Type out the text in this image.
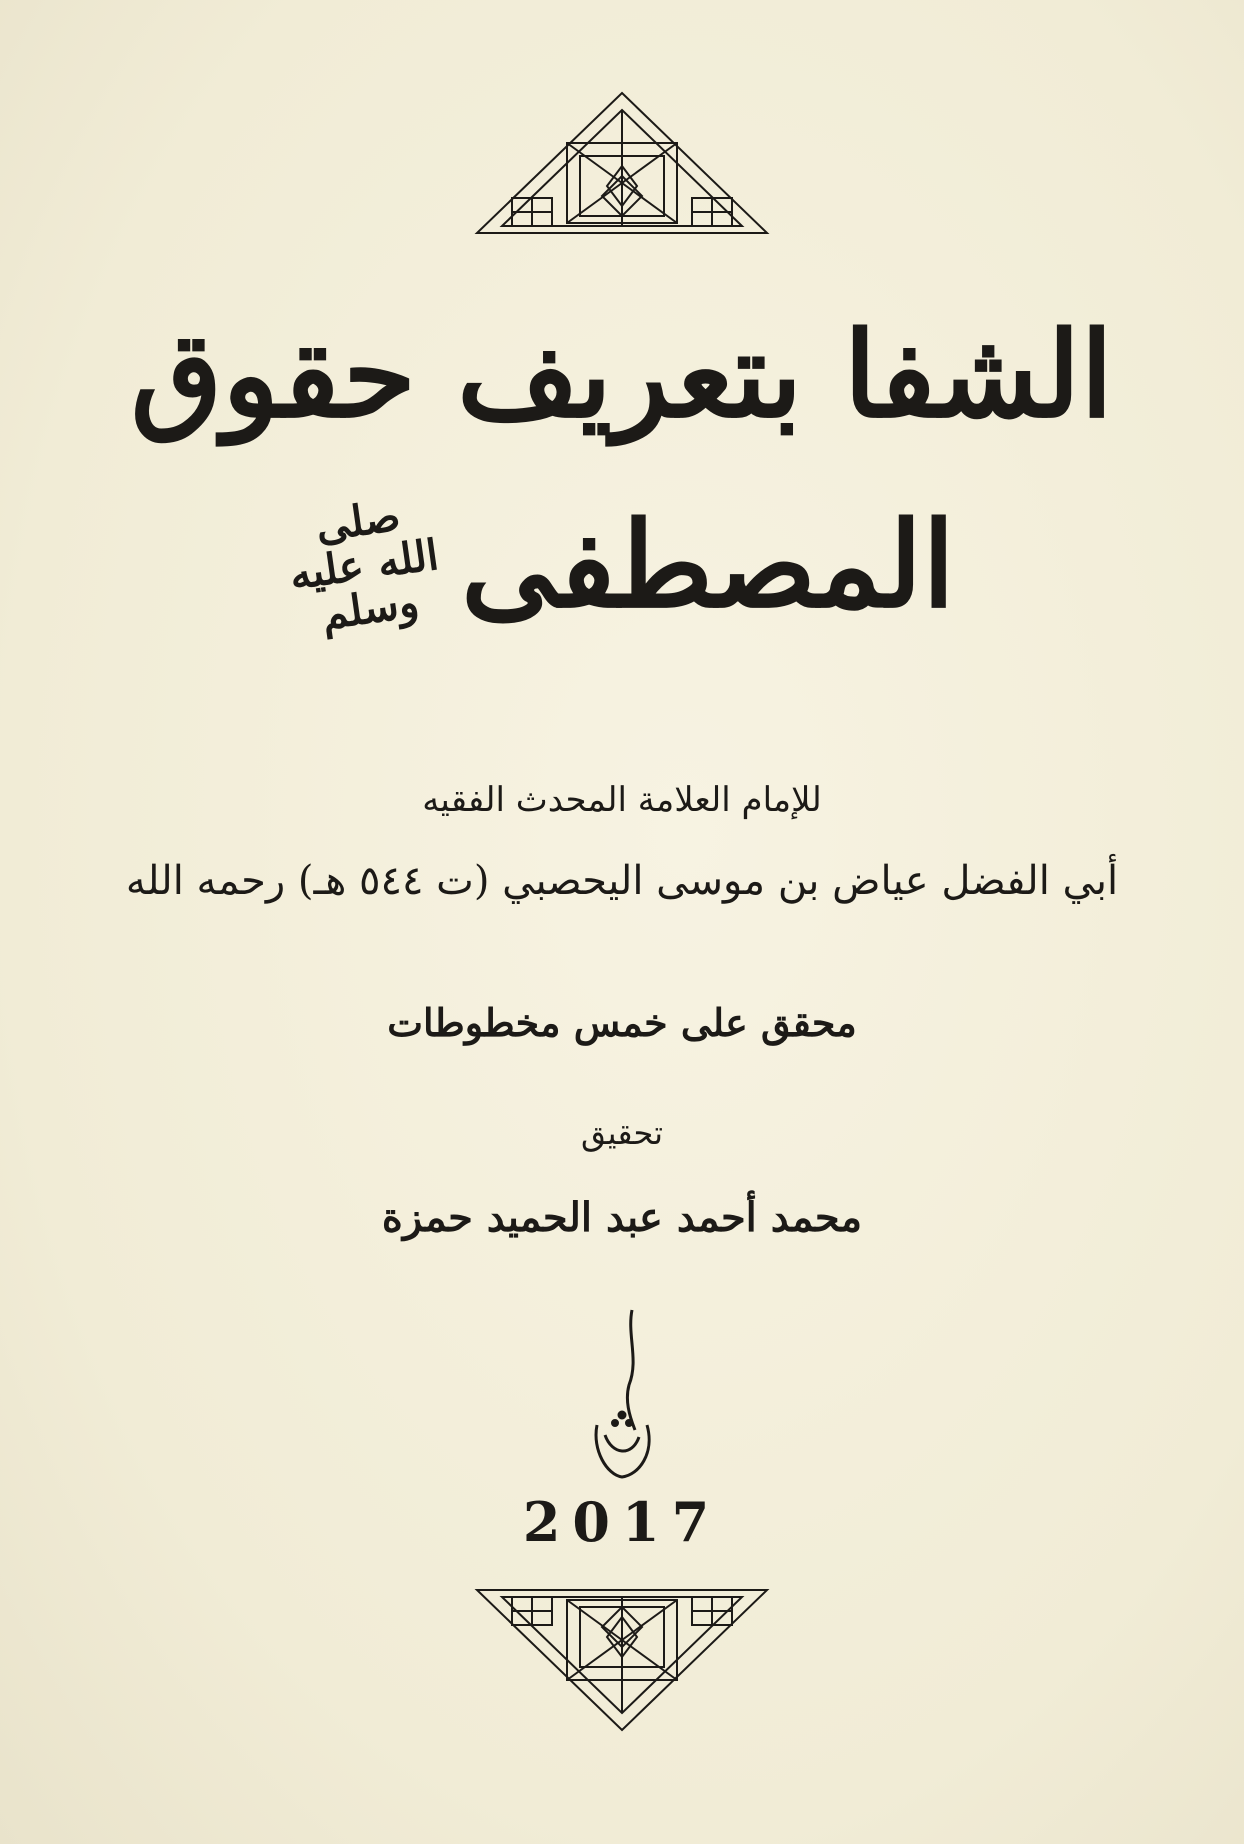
الشفا بتعريف حقوق
المصطفى
صلى الله عليه وسلم
للإمام العلامة المحدث الفقيه
أبي الفضل عياض بن موسى اليحصبي (ت ٥٤٤ هـ) رحمه الله
محقق على خمس مخطوطات
تحقيق
محمد أحمد عبد الحميد حمزة
2017
